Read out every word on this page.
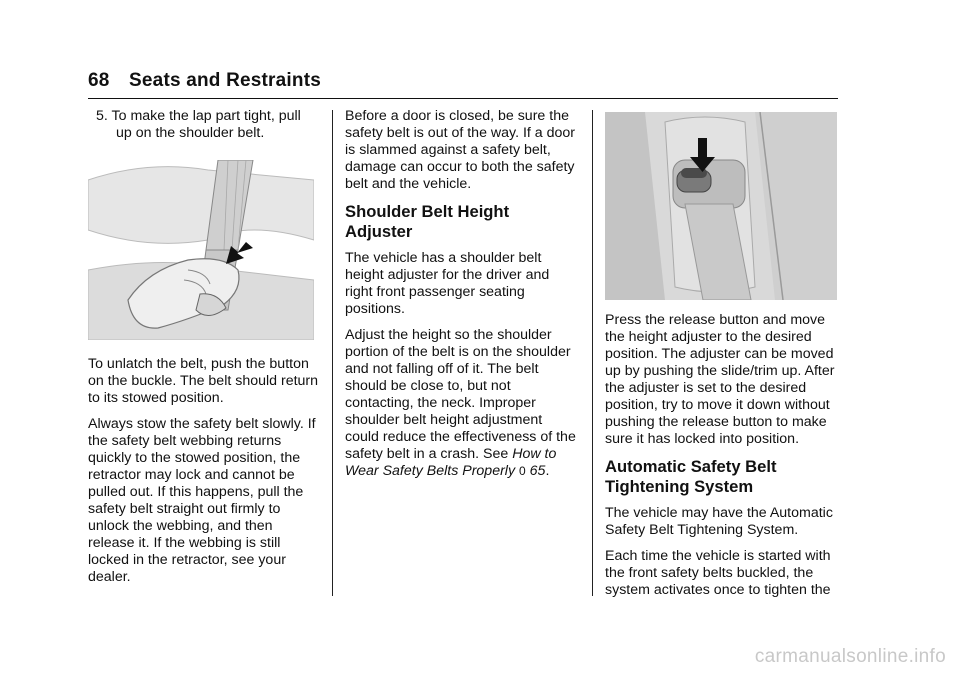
68 Seats and Restraints

5. To make the lap part tight, pull up on the shoulder belt.

To unlatch the belt, push the button on the buckle. The belt should return to its stowed position.

Always stow the safety belt slowly. If the safety belt webbing returns quickly to the stowed position, the retractor may lock and cannot be pulled out. If this happens, pull the safety belt straight out firmly to unlock the webbing, and then release it. If the webbing is still locked in the retractor, see your dealer.

Before a door is closed, be sure the safety belt is out of the way. If a door is slammed against a safety belt, damage can occur to both the safety belt and the vehicle.

Shoulder Belt Height Adjuster

The vehicle has a shoulder belt height adjuster for the driver and right front passenger seating positions.

Adjust the height so the shoulder portion of the belt is on the shoulder and not falling off of it. The belt should be close to, but not contacting, the neck. Improper shoulder belt height adjustment could reduce the effectiveness of the safety belt in a crash. See How to Wear Safety Belts Properly 0 65.

Press the release button and move the height adjuster to the desired position. The adjuster can be moved up by pushing the slide/trim up. After the adjuster is set to the desired position, try to move it down without pushing the release button to make sure it has locked into position.

Automatic Safety Belt Tightening System

The vehicle may have the Automatic Safety Belt Tightening System.

Each time the vehicle is started with the front safety belts buckled, the system activates once to tighten the

carmanualsonline.info
